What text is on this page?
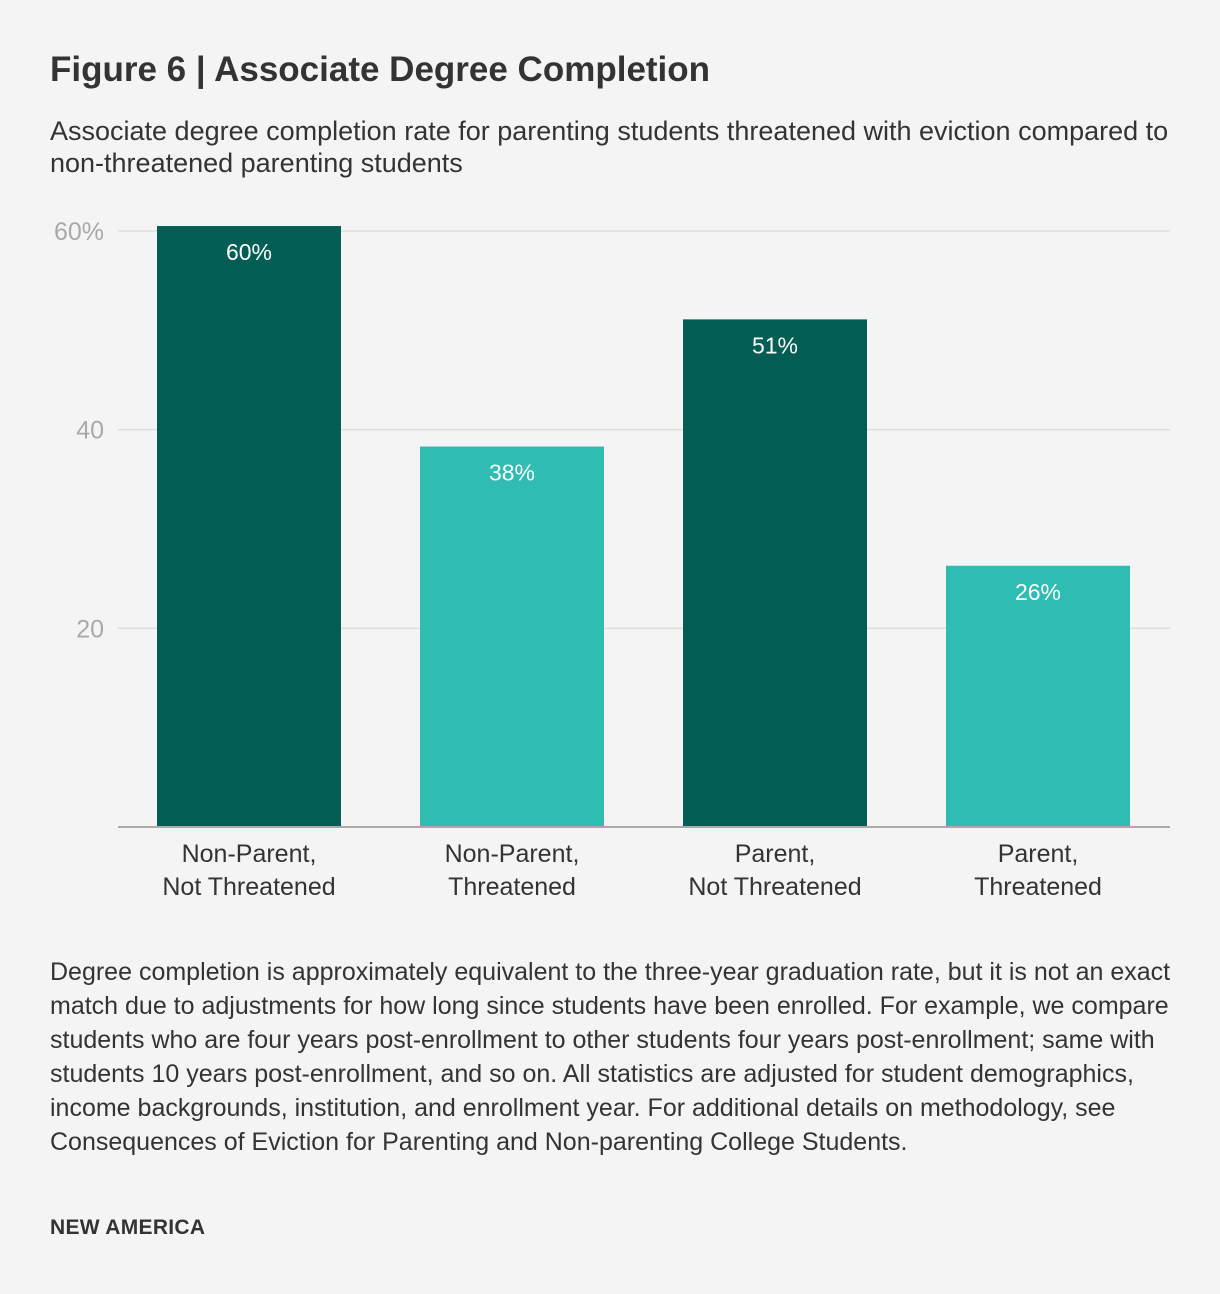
Figure 6 | Associate Degree Completion
Associate degree completion rate for parenting students threatened with eviction compared to non-threatened parenting students
60%
40
20
60%
38%
51%
26%
Non-Parent,
Not Threatened
Non-Parent,
Threatened
Parent,
Not Threatened
Parent,
Threatened
Degree completion is approximately equivalent to the three-year graduation rate, but it is not an exact match due to adjustments for how long since students have been enrolled. For example, we compare students who are four years post-enrollment to other students four years post-enrollment; same with students 10 years post-enrollment, and so on. All statistics are adjusted for student demographics, income backgrounds, institution, and enrollment year. For additional details on methodology, see Consequences of Eviction for Parenting and Non-parenting College Students.
NEW AMERICA
